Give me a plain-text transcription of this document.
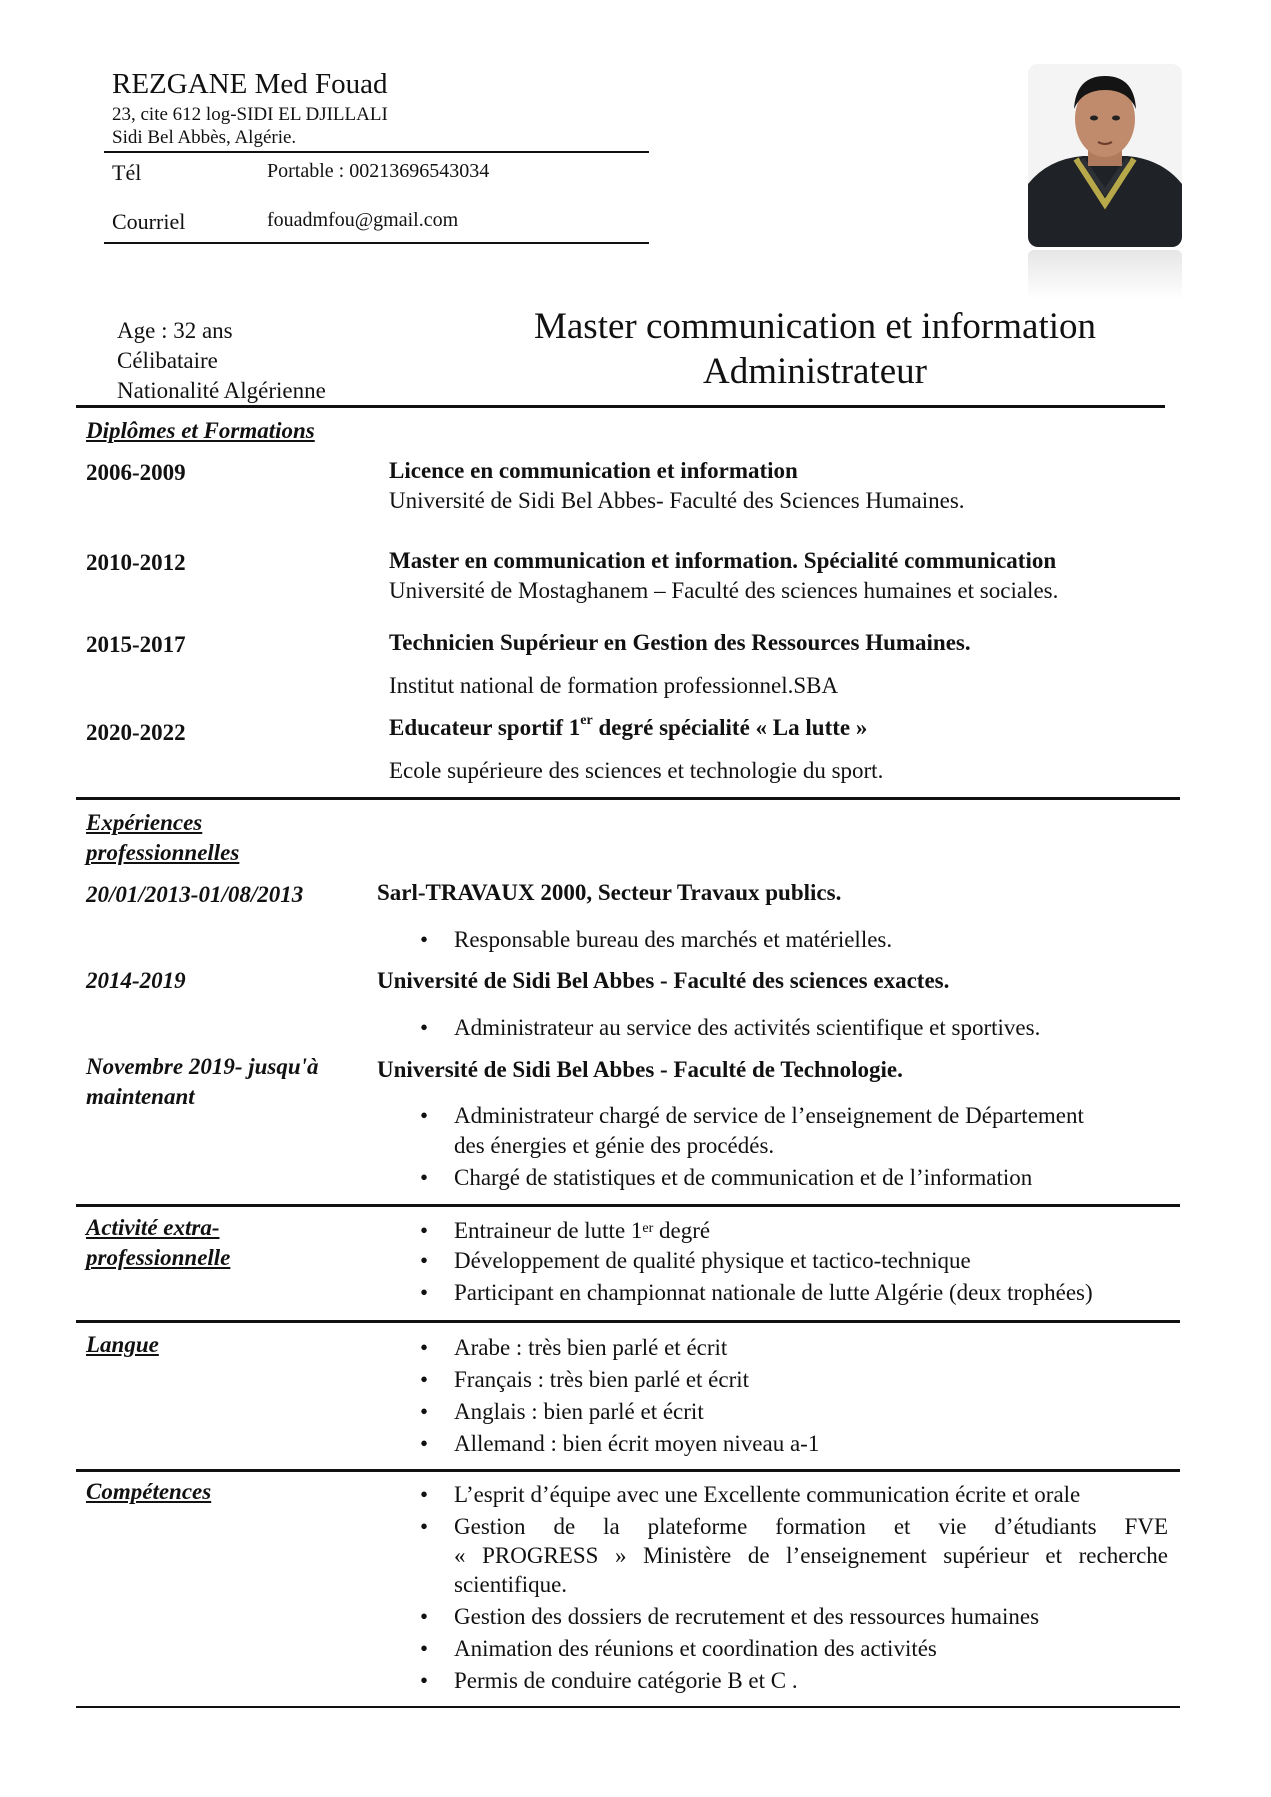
REZGANE Med Fouad
23, cite 612 log-SIDI EL DJILLALI
Sidi Bel Abbès, Algérie.
Tél	Portable : 00213696543034
Courriel	fouadmfou@gmail.com
Age : 32 ans
Célibataire
Nationalité Algérienne
Master communication et information
Administrateur
Diplômes et Formations
2006-2009	Licence en communication et information
Université de Sidi Bel Abbes- Faculté des Sciences Humaines.
2010-2012	Master en communication et information. Spécialité communication
Université de Mostaghanem – Faculté des sciences humaines et sociales.
2015-2017	Technicien Supérieur en Gestion des Ressources Humaines.
Institut national de formation professionnel.SBA
2020-2022	Educateur sportif 1er degré spécialité « La lutte »
Ecole supérieure des sciences et technologie du sport.
Expériences
professionnelles
20/01/2013-01/08/2013	Sarl-TRAVAUX 2000, Secteur Travaux publics.
• Responsable bureau des marchés et matérielles.
2014-2019	Université de Sidi Bel Abbes - Faculté des sciences exactes.
• Administrateur au service des activités scientifique et sportives.
Novembre 2019- jusqu'à
maintenant
Université de Sidi Bel Abbes - Faculté de Technologie.
• Administrateur chargé de service de l’enseignement de Département
des énergies et génie des procédés.
• Chargé de statistiques et de communication et de l’information
Activité extra-
professionnelle
• Entraineur de lutte 1er degré
• Développement de qualité physique et tactico-technique
• Participant en championnat nationale de lutte Algérie (deux trophées)
Langue	• Arabe : très bien parlé et écrit
• Français : très bien parlé et écrit
• Anglais : bien parlé et écrit
• Allemand : bien écrit moyen niveau a-1
Compétences	• L’esprit d’équipe avec une Excellente communication écrite et orale
• Gestion de la plateforme formation et vie d’étudiants FVE
« PROGRESS » Ministère de l’enseignement supérieur et recherche
scientifique.
• Gestion des dossiers de recrutement et des ressources humaines
• Animation des réunions et coordination des activités
• Permis de conduire catégorie B et C .
